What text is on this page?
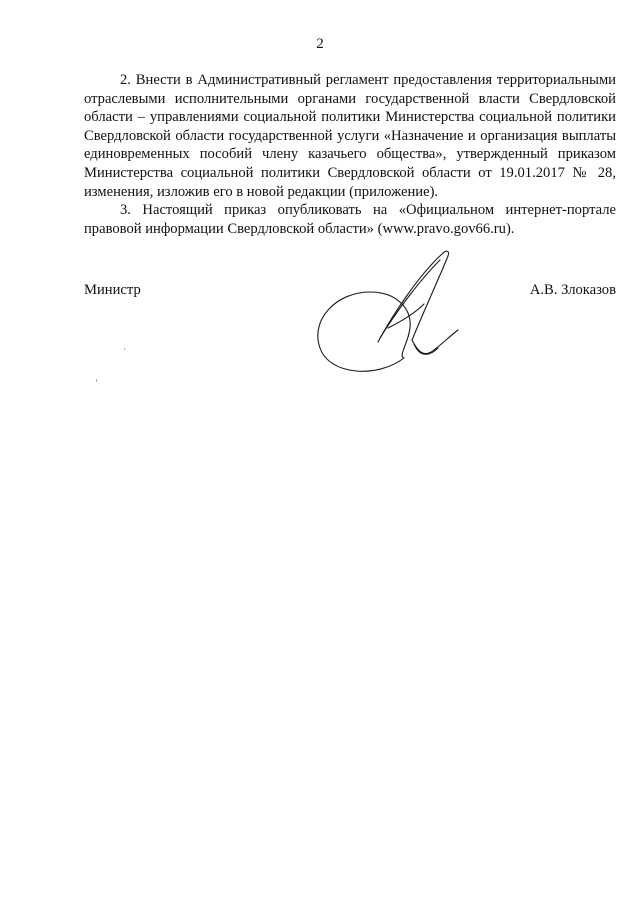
2

2. Внести в Административный регламент предоставления территориальными отраслевыми исполнительными органами государственной власти Свердловской области – управлениями социальной политики Министерства социальной политики Свердловской области государственной услуги «Назначение и организация выплаты единовременных пособий члену казачьего общества», утвержденный приказом Министерства социальной политики Свердловской области от 19.01.2017 № 28, изменения, изложив его в новой редакции (приложение).

3. Настоящий приказ опубликовать на «Официальном интернет-портале правовой информации Свердловской области» (www.pravo.gov66.ru).

Министр	А.В. Злоказов
